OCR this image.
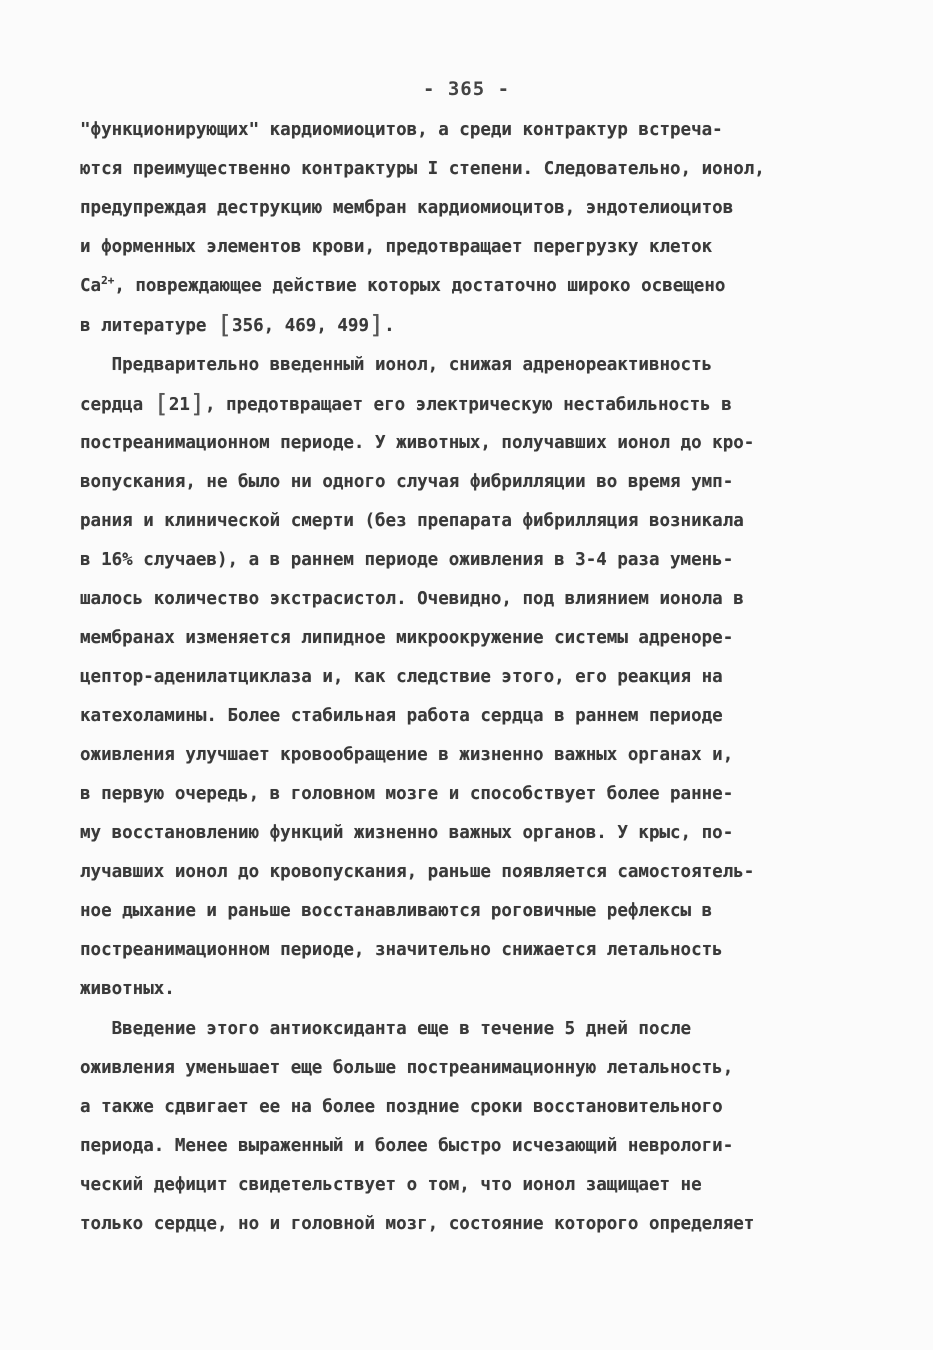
- 365 -
"функционирующих" кардиомиоцитов, а среди контрактур встреча-
ются преимущественно контрактуры I степени. Следовательно, ионол,
предупреждая деструкцию мембран кардиомиоцитов, эндотелиоцитов
и форменных элементов крови, предотвращает перегрузку клеток
$Ca^{2+}$, повреждающее действие которых достаточно широко освещено
в литературе [356, 469, 499].
Предварительно введенный ионол, снижая адренореактивность
сердца [21], предотвращает его электрическую нестабильность в
постреанимационном периоде. У животных, получавших ионол до кро-
вопускания, не было ни одного случая фибрилляции во время умп-
рания и клинической смерти (без препарата фибрилляция возникала
в 16% случаев), а в раннем периоде оживления в 3-4 раза умень-
шалось количество экстрасистол. Очевидно, под влиянием ионола в
мембранах изменяется липидное микроокружение системы адреноре-
цептор-аденилатциклаза и, как следствие этого, его реакция на
катехоламины. Более стабильная работа сердца в раннем периоде
оживления улучшает кровообращение в жизненно важных органах и,
в первую очередь, в головном мозге и способствует более ранне-
му восстановлению функций жизненно важных органов. У крыс, по-
лучавших ионол до кровопускания, раньше появляется самостоятель-
ное дыхание и раньше восстанавливаются роговичные рефлексы в
постреанимационном периоде, значительно снижается летальность
животных.
Введение этого антиоксиданта еще в течение 5 дней после
оживления уменьшает еще больше постреанимационную летальность,
а также сдвигает ее на более поздние сроки восстановительного
периода. Менее выраженный и более быстро исчезающий неврологи-
ческий дефицит свидетельствует о том, что ионол защищает не
только сердце, но и головной мозг, состояние которого определяет
